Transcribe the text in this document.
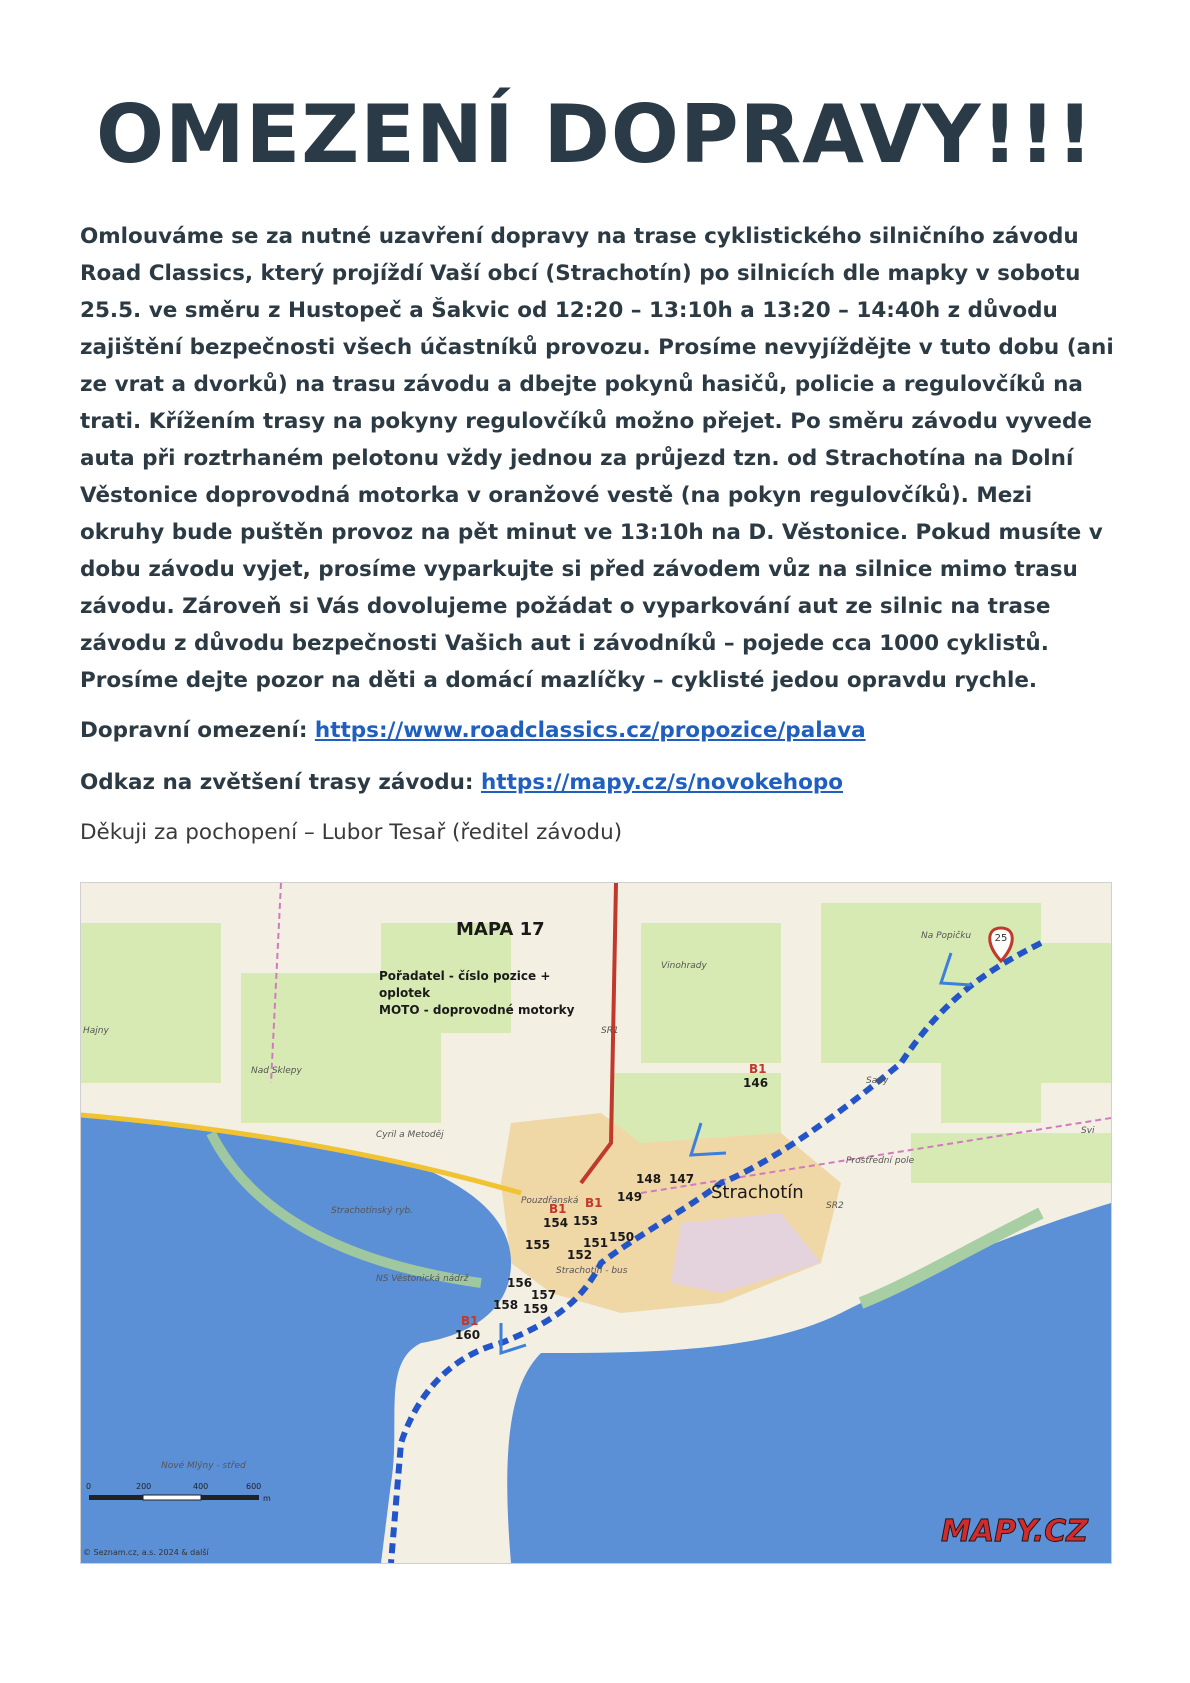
OMEZENÍ DOPRAVY!!!

Omlouváme se za nutné uzavření dopravy na trase cyklistického silničního závodu Road Classics, který projíždí Vaší obcí (Strachotín) po silnicích dle mapky v sobotu 25.5. ve směru z Hustopeč a Šakvic od 12:20 – 13:10h a 13:20 – 14:40h z důvodu zajištění bezpečnosti všech účastníků provozu. Prosíme nevyjíždějte v tuto dobu (ani ze vrat a dvorků) na trasu závodu a dbejte pokynů hasičů, policie a regulovčíků na trati. Křížením trasy na pokyny regulovčíků možno přejet. Po směru závodu vyvede auta při roztrhaném pelotonu vždy jednou za průjezd tzn. od Strachotína na Dolní Věstonice doprovodná motorka v oranžové vestě (na pokyn regulovčíků). Mezi okruhy bude puštěn provoz na pět minut ve 13:10h na D. Věstonice. Pokud musíte v dobu závodu vyjet, prosíme vyparkujte si před závodem vůz na silnice mimo trasu závodu. Zároveň si Vás dovolujeme požádat o vyparkování aut ze silnic na trase závodu z důvodu bezpečnosti Vašich aut i závodníků – pojede cca 1000 cyklistů. Prosíme dejte pozor na děti a domácí mazlíčky – cyklisté jedou opravdu rychle.

Dopravní omezení: https://www.roadclassics.cz/propozice/palava
Odkaz na zvětšení trasy závodu: https://mapy.cz/s/novokehopo
Děkuji za pochopení – Lubor Tesař (ředitel závodu)
25
MAPA 17
Pořadatel - číslo pozice +
oplotek
MOTO - doprovodné motorky
Strachotín
Na Popičku
Vinohrady
Nad Sklepy
Sady
Prostřední pole
Strachotínský ryb.
Cyril a Metoděj
Pouzdřanská
Strachotín - bus
Nové Mlýny - střed
NS Věstonická nádrž
Svi
Hajny	SR1
SR2
B1
146
148 147
149
B1 B1
154 153
155	151 150
152
156
157
158 159
B1
160
0	200	400	600
m
© Seznam.cz, a.s. 2024 & další
MAPY.CZ
